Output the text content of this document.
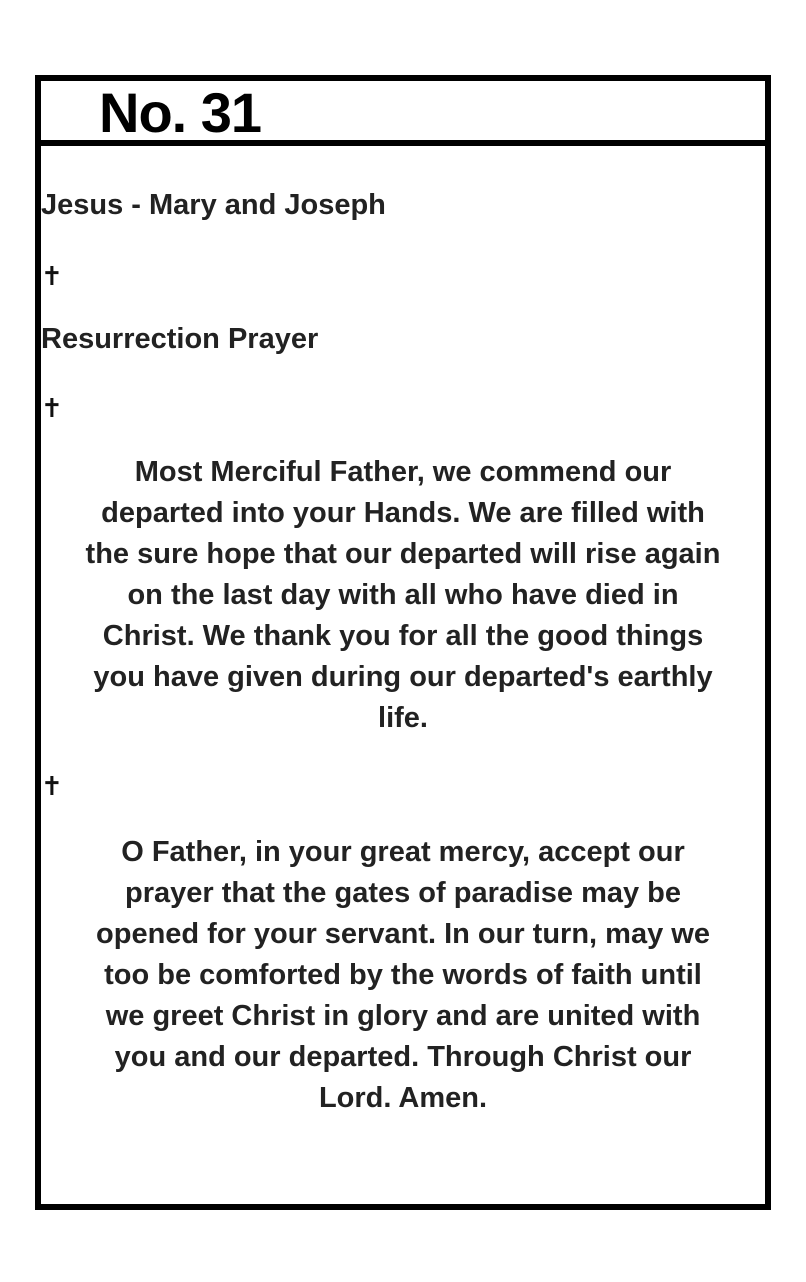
No. 31
Jesus - Mary and Joseph
✝
Resurrection Prayer
✝
Most Merciful Father, we commend our departed into your Hands. We are filled with the sure hope that our departed will rise again on the last day with all who have died in Christ. We thank you for all the good things you have given during our departed's earthly life.
✝
O Father, in your great mercy, accept our prayer that the gates of paradise may be opened for your servant. In our turn, may we too be comforted by the words of faith until we greet Christ in glory and are united with you and our departed. Through Christ our Lord. Amen.
